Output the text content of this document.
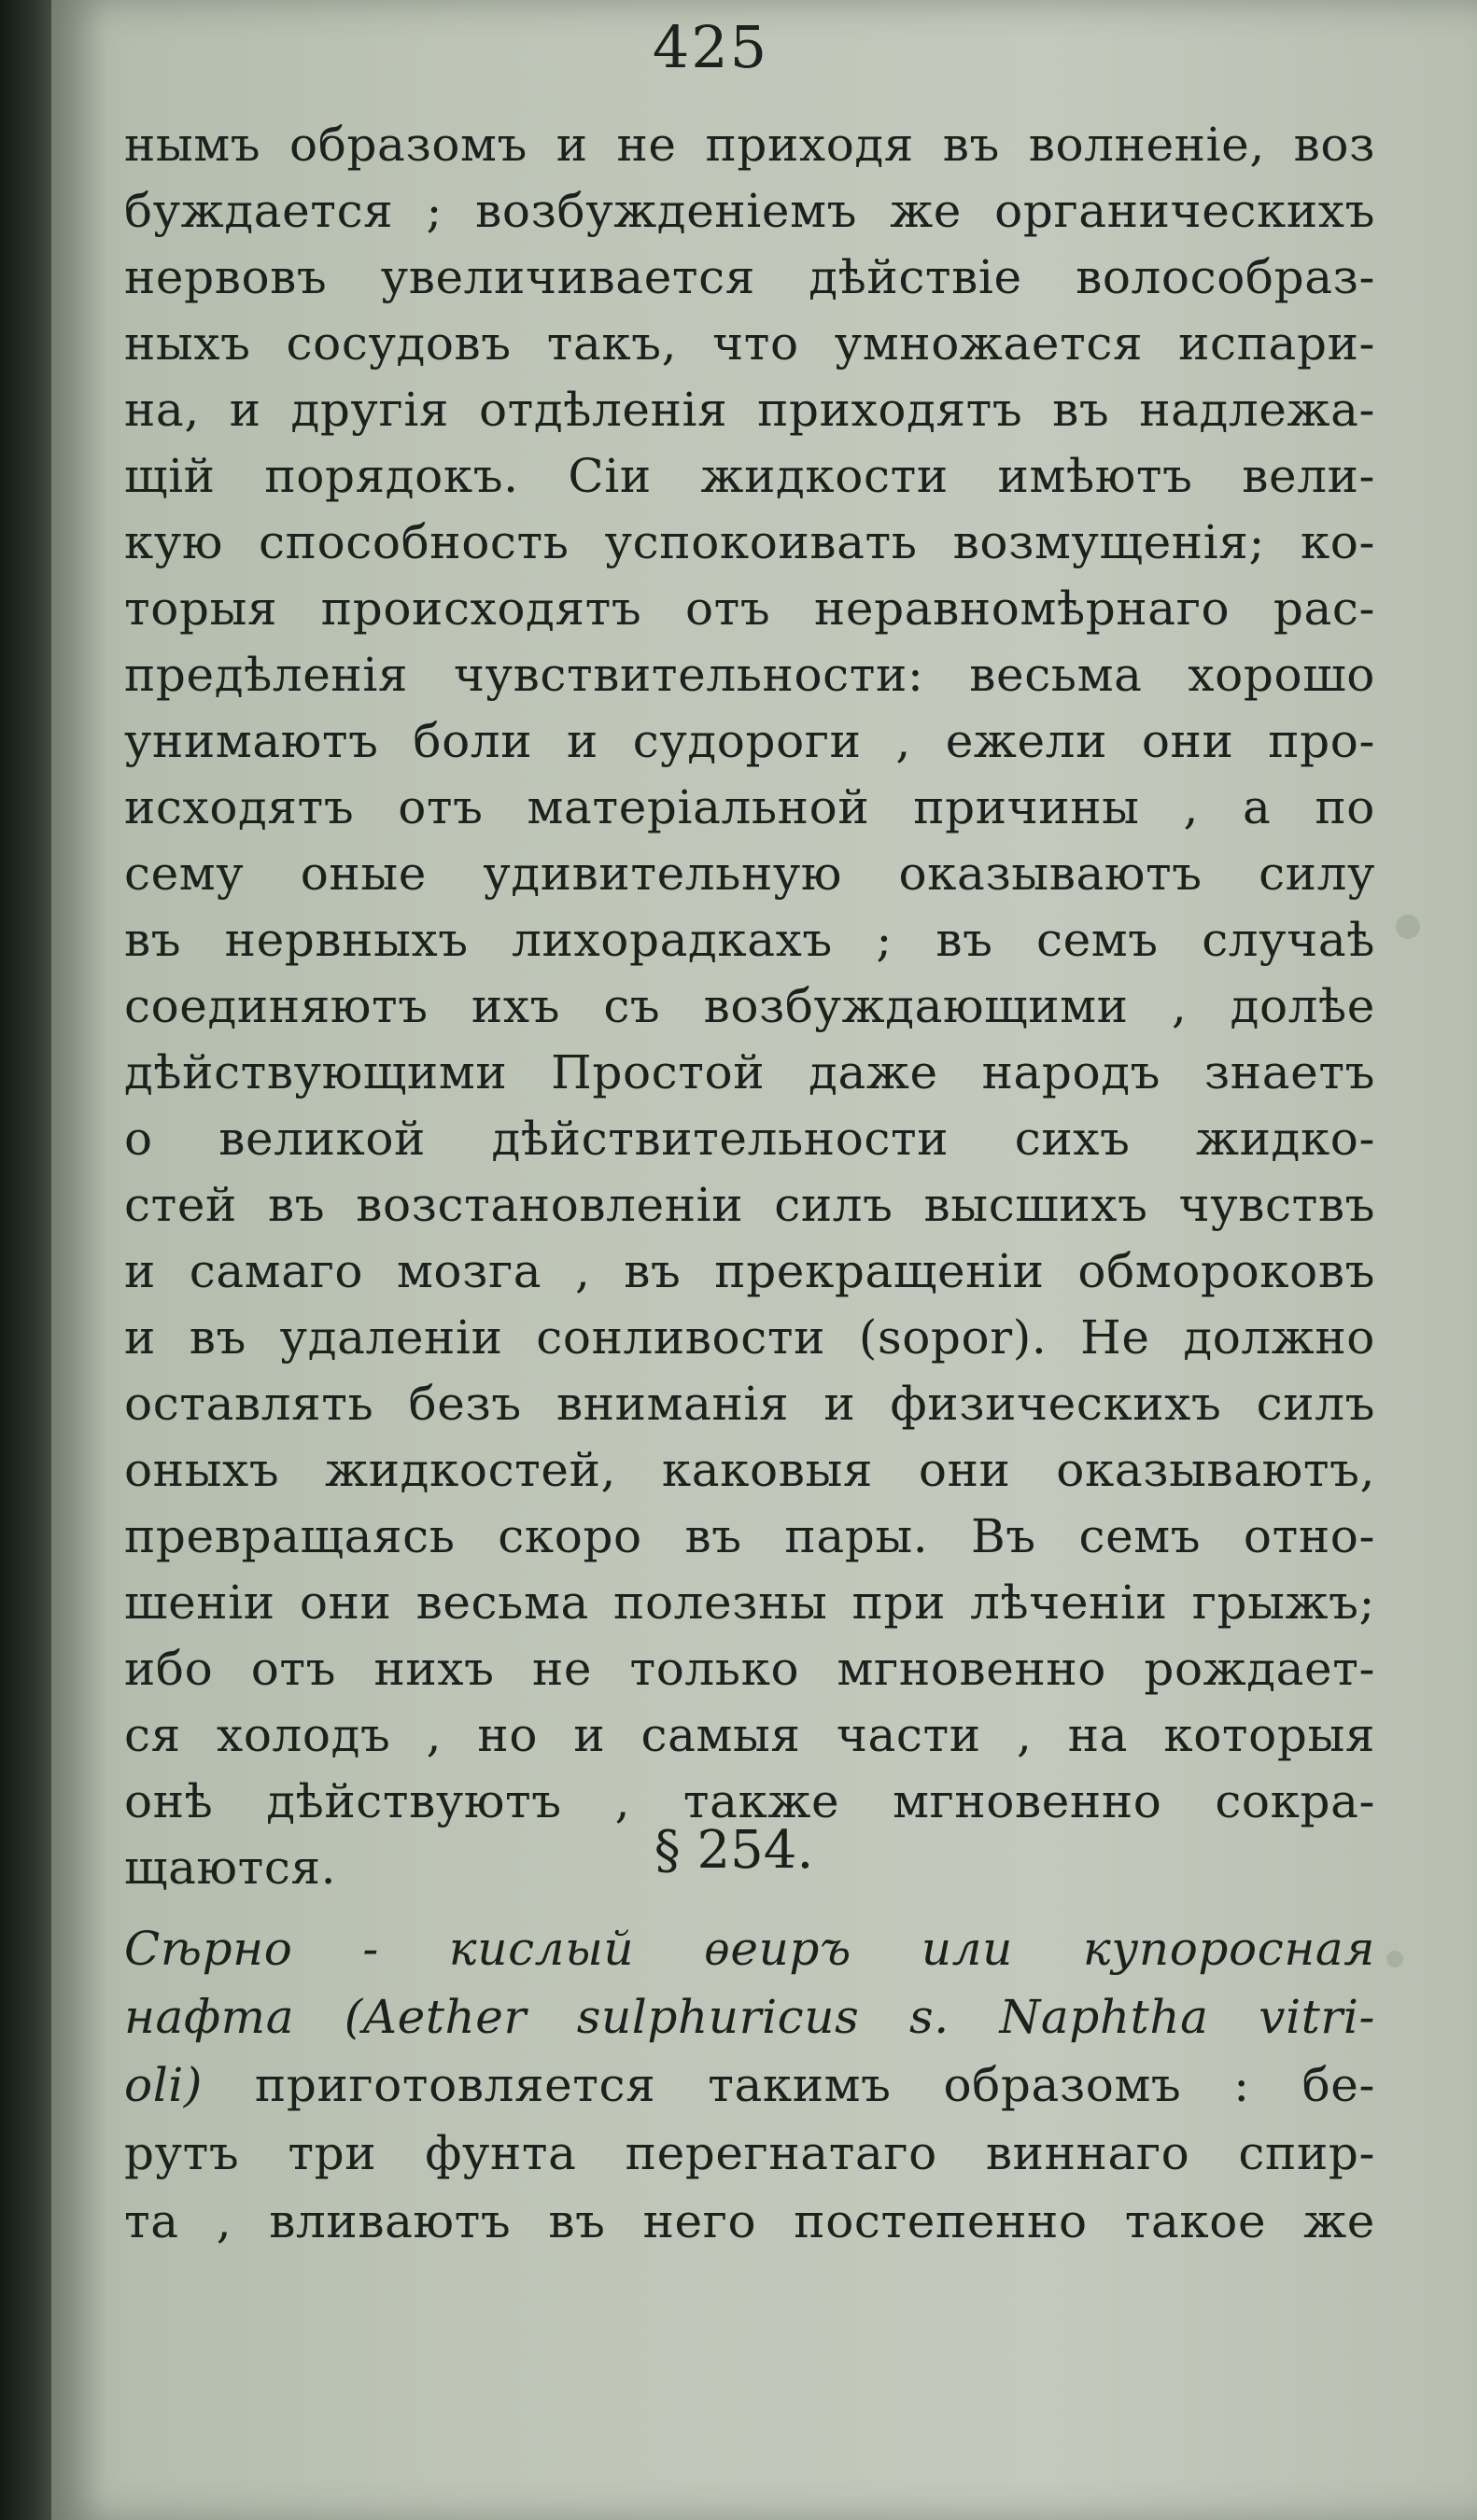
425
нымъ образомъ и не приходя въ волненіе, воз
буждается ; возбужденіемъ же органическихъ
нервовъ увеличивается дѣйствіе волособраз-
ныхъ сосудовъ такъ, что умножается испари-
на, и другія отдѣленія приходятъ въ надлежа-
щій порядокъ. Сіи жидкости имѣютъ вели-
кую способность успокоивать возмущенія; ко-
торыя происходятъ отъ неравномѣрнаго рас-
предѣленія чувствительности: весьма хорошо
унимаютъ боли и судороги , ежели они про-
исходятъ отъ матеріальной причины , а по
сему оные удивительную оказываютъ силу
въ нервныхъ лихорадкахъ ; въ семъ случаѣ
соединяютъ ихъ съ возбуждающими , долѣе
дѣйствующими Простой даже народъ знаетъ
о великой дѣйствительности сихъ жидко-
стей въ возстановленіи силъ высшихъ чувствъ
и самаго мозга , въ прекращеніи обмороковъ
и въ удаленіи сонливости (sopor). Не должно
оставлять безъ вниманія и физическихъ силъ
оныхъ жидкостей, каковыя они оказываютъ,
превращаясь скоро въ пары. Въ семъ отно-
шеніи они весьма полезны при лѣченіи грыжъ;
ибо отъ нихъ не только мгновенно рождает-
ся холодъ , но и самыя части , на которыя
онѣ дѣйствуютъ , также мгновенно сокра-
щаются.	§ 254.
Сѣрно - кислый ѳеиръ или купоросная
нафта (Aether sulphuricus s. Naphtha vitri-
oli) приготовляется такимъ образомъ : бе-
рутъ три фунта перегнатаго виннаго спир-
та , вливаютъ въ него постепенно такое же
